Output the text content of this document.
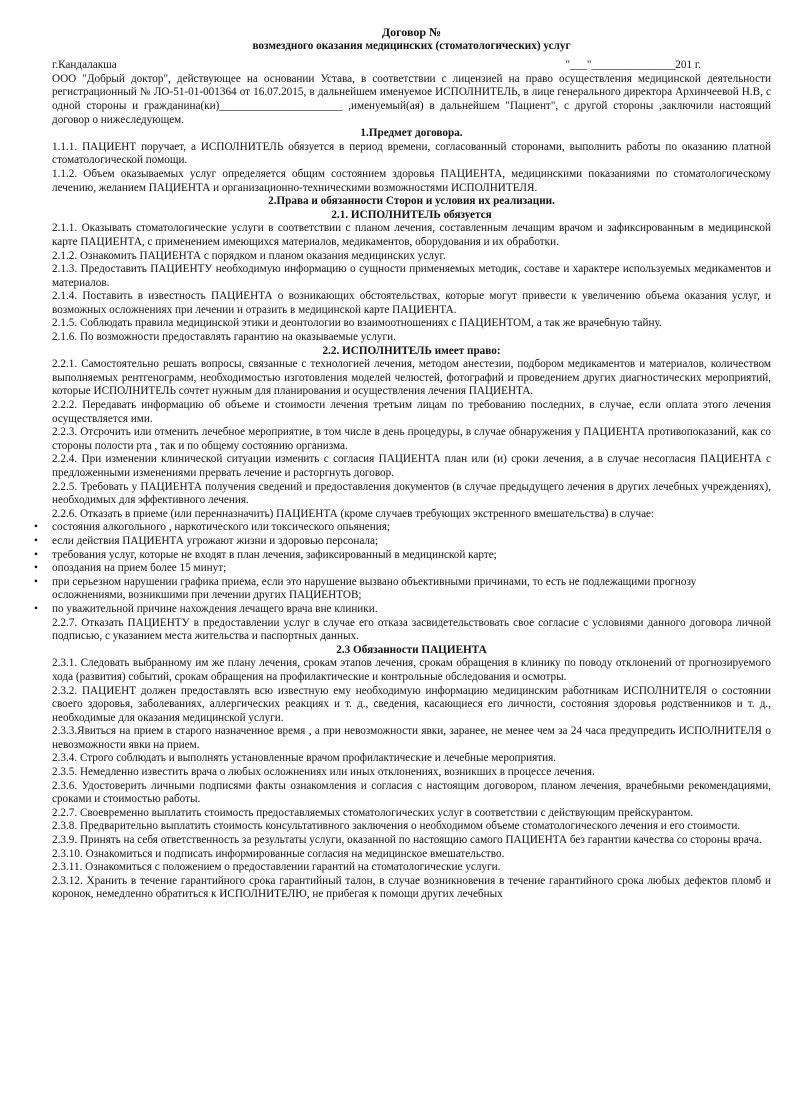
Договор №
возмездного оказания медицинских (стоматологических) услуг
г.Кандалакша	"___"_______________201 г.

ООО "Добрый доктор", действующее на основании Устава, в соответствии с лицензией на право осуществления медицинской деятельности регистрационный № ЛО-51-01-001364 от 16.07.2015, в дальнейшем именуемое ИСПОЛНИТЕЛЬ, в лице генерального директора Архинчеевой Н.В, с одной стороны и гражданина(ки)______________________ ,именуемый(ая) в дальнейшем "Пациент", с другой стороны ,заключили настоящий договор о нижеследующем.

1.Предмет договора.

1.1.1. ПАЦИЕНТ поручает, а ИСПОЛНИТЕЛЬ обязуется в период времени, согласованный сторонами, выполнить работы по оказанию платной стоматологической помощи.

1.1.2. Объем оказываемых услуг определяется общим состоянием здоровья ПАЦИЕНТА, медицинскими показаниями по стоматологическому лечению, желанием ПАЦИЕНТА и организационно-техническими возможностями ИСПОЛНИТЕЛЯ.

2.Права и обязанности Сторон и условия их реализации.
2.1. ИСПОЛНИТЕЛЬ обязуется

2.1.1. Оказывать стоматологические услуги в соответствии с планом лечения, составленным лечащим врачом и зафиксированным в медицинской карте ПАЦИЕНТА, с применением имеющихся материалов, медикаментов, оборудования и их обработки.

2.1.2. Ознакомить ПАЦИЕНТА с порядком и планом оказания медицинских услуг.

2.1.3. Предоставить ПАЦИЕНТУ необходимую информацию о сущности применяемых методик, составе и характере используемых медикаментов и материалов.

2.1.4. Поставить в известность ПАЦИЕНТА о возникающих обстоятельствах, которые могут привести к увеличению объема оказания услуг, и возможных осложнениях при лечении и отразить в медицинской карте ПАЦИЕНТА.

2.1.5. Соблюдать правила медицинской этики и деонтологии во взаимоотношениях с ПАЦИЕНТОМ, а так же врачебную тайну.

2.1.6. По возможности предоставлять гарантию на оказываемые услуги.

2.2. ИСПОЛНИТЕЛЬ имеет право:

2.2.1. Самостоятельно решать вопросы, связанные с технологией лечения, методом анестезии, подбором медикаментов и материалов, количеством выполняемых рентгенограмм, необходимостью изготовления моделей челюстей, фотографий и проведением других диагностических мероприятий, которые ИСПОЛНИТЕЛЬ сочтет нужным для планирования и осуществления лечения ПАЦИЕНТА.

2.2.2. Передавать информацию об объеме и стоимости лечения третьим лицам по требованию последних, в случае, если оплата этого лечения осуществляется ими.

2.2.3. Отсрочить или отменить лечебное мероприятие, в том числе в день процедуры, в случае обнаружения у ПАЦИЕНТА противопоказаний, как со стороны полости рта , так и по общему состоянию организма.

2.2.4. При изменении клинической ситуации изменить с согласия ПАЦИЕНТА план или (и) сроки лечения, а в случае несогласия ПАЦИЕНТА с предложенными изменениями прервать лечение и расторгнуть договор.

2.2.5. Требовать у ПАЦИЕНТА получения сведений и предоставления документов (в случае предыдущего лечения в других лечебных учреждениях), необходимых для эффективного лечения.

2.2.6. Отказать в приеме (или перенназначить) ПАЦИЕНТА (кроме случаев требующих экстренного вмешательства) в случае:

• состояния алкогольного , наркотического или токсического опьянения;
• если действия ПАЦИЕНТА угрожают жизни и здоровью персонала;
• требования услуг, которые не входят в план лечения, зафиксированный в медицинской карте;
• опоздания на прием более 15 минут;
• при серьезном нарушении графика приема, если это нарушение вызвано объективными причинами, то есть не подлежащими прогнозу осложнениями, возникшими при лечении других ПАЦИЕНТОВ;
• по уважительной причине нахождения лечащего врача вне клиники.

2.2.7. Отказать ПАЦИЕНТУ в предоставлении услуг в случае его отказа засвидетельствовать свое согласие с условиями данного договора личной подписью, с указанием места жительства и паспортных данных.

2.3 Обязанности ПАЦИЕНТА

2.3.1. Следовать выбранному им же плану лечения, срокам этапов лечения, срокам обращения в клинику по поводу отклонений от прогнозируемого хода (развития) событий, срокам обращения на профилактические и контрольные обследования и осмотры.

2.3.2. ПАЦИЕНТ должен предоставлять всю известную ему необходимую информацию медицинским работникам ИСПОЛНИТЕЛЯ о состоянии своего здоровья, заболеваниях, аллергических реакциях и т. д., сведения, касающиеся его личности, состояния здоровья родственников и т. д., необходимые для оказания медицинской услуги.

2.3.3.Явиться на прием в старого назначенное время , а при невозможности явки, заранее, не менее чем за 24 часа предупредить ИСПОЛНИТЕЛЯ о невозможности явки на прием.

2.3.4. Строго соблюдать и выполнять установленные врачом профилактические и лечебные мероприятия.

2.3.5. Немедленно известить врача о любых осложнениях или иных отклонениях, возникших в процессе лечения.

2.3.6. Удостоверить личными подписями факты ознакомления и согласия с настоящим договором, планом лечения, врачебными рекомендациями, сроками и стоимостью работы.

2.2.7. Своевременно выплатить стоимость предоставляемых стоматологических услуг в соответствии с действующим прейскурантом.

2.3.8. Предварительно выплатить стоимость консультативного заключения о необходимом объеме стоматологического лечения и его стоимости.

2.3.9. Принять на себя ответственность за результаты услуги, оказанной по настоящию самого ПАЦИЕНТА без гарантии качества со стороны врача.

2.3.10. Ознакомиться и подписать информированные согласия на медицинское вмешательство.

2.3.11. Ознакомиться с положением о предоставлении гарантий на стоматологические услуги.

2.3.12. Хранить в течение гарантийного срока гарантийный талон, в случае возникновения в течение гарантийного срока любых дефектов пломб и коронок, немедленно обратиться к ИСПОЛНИТЕЛЮ, не прибегая к помощи других лечебных
